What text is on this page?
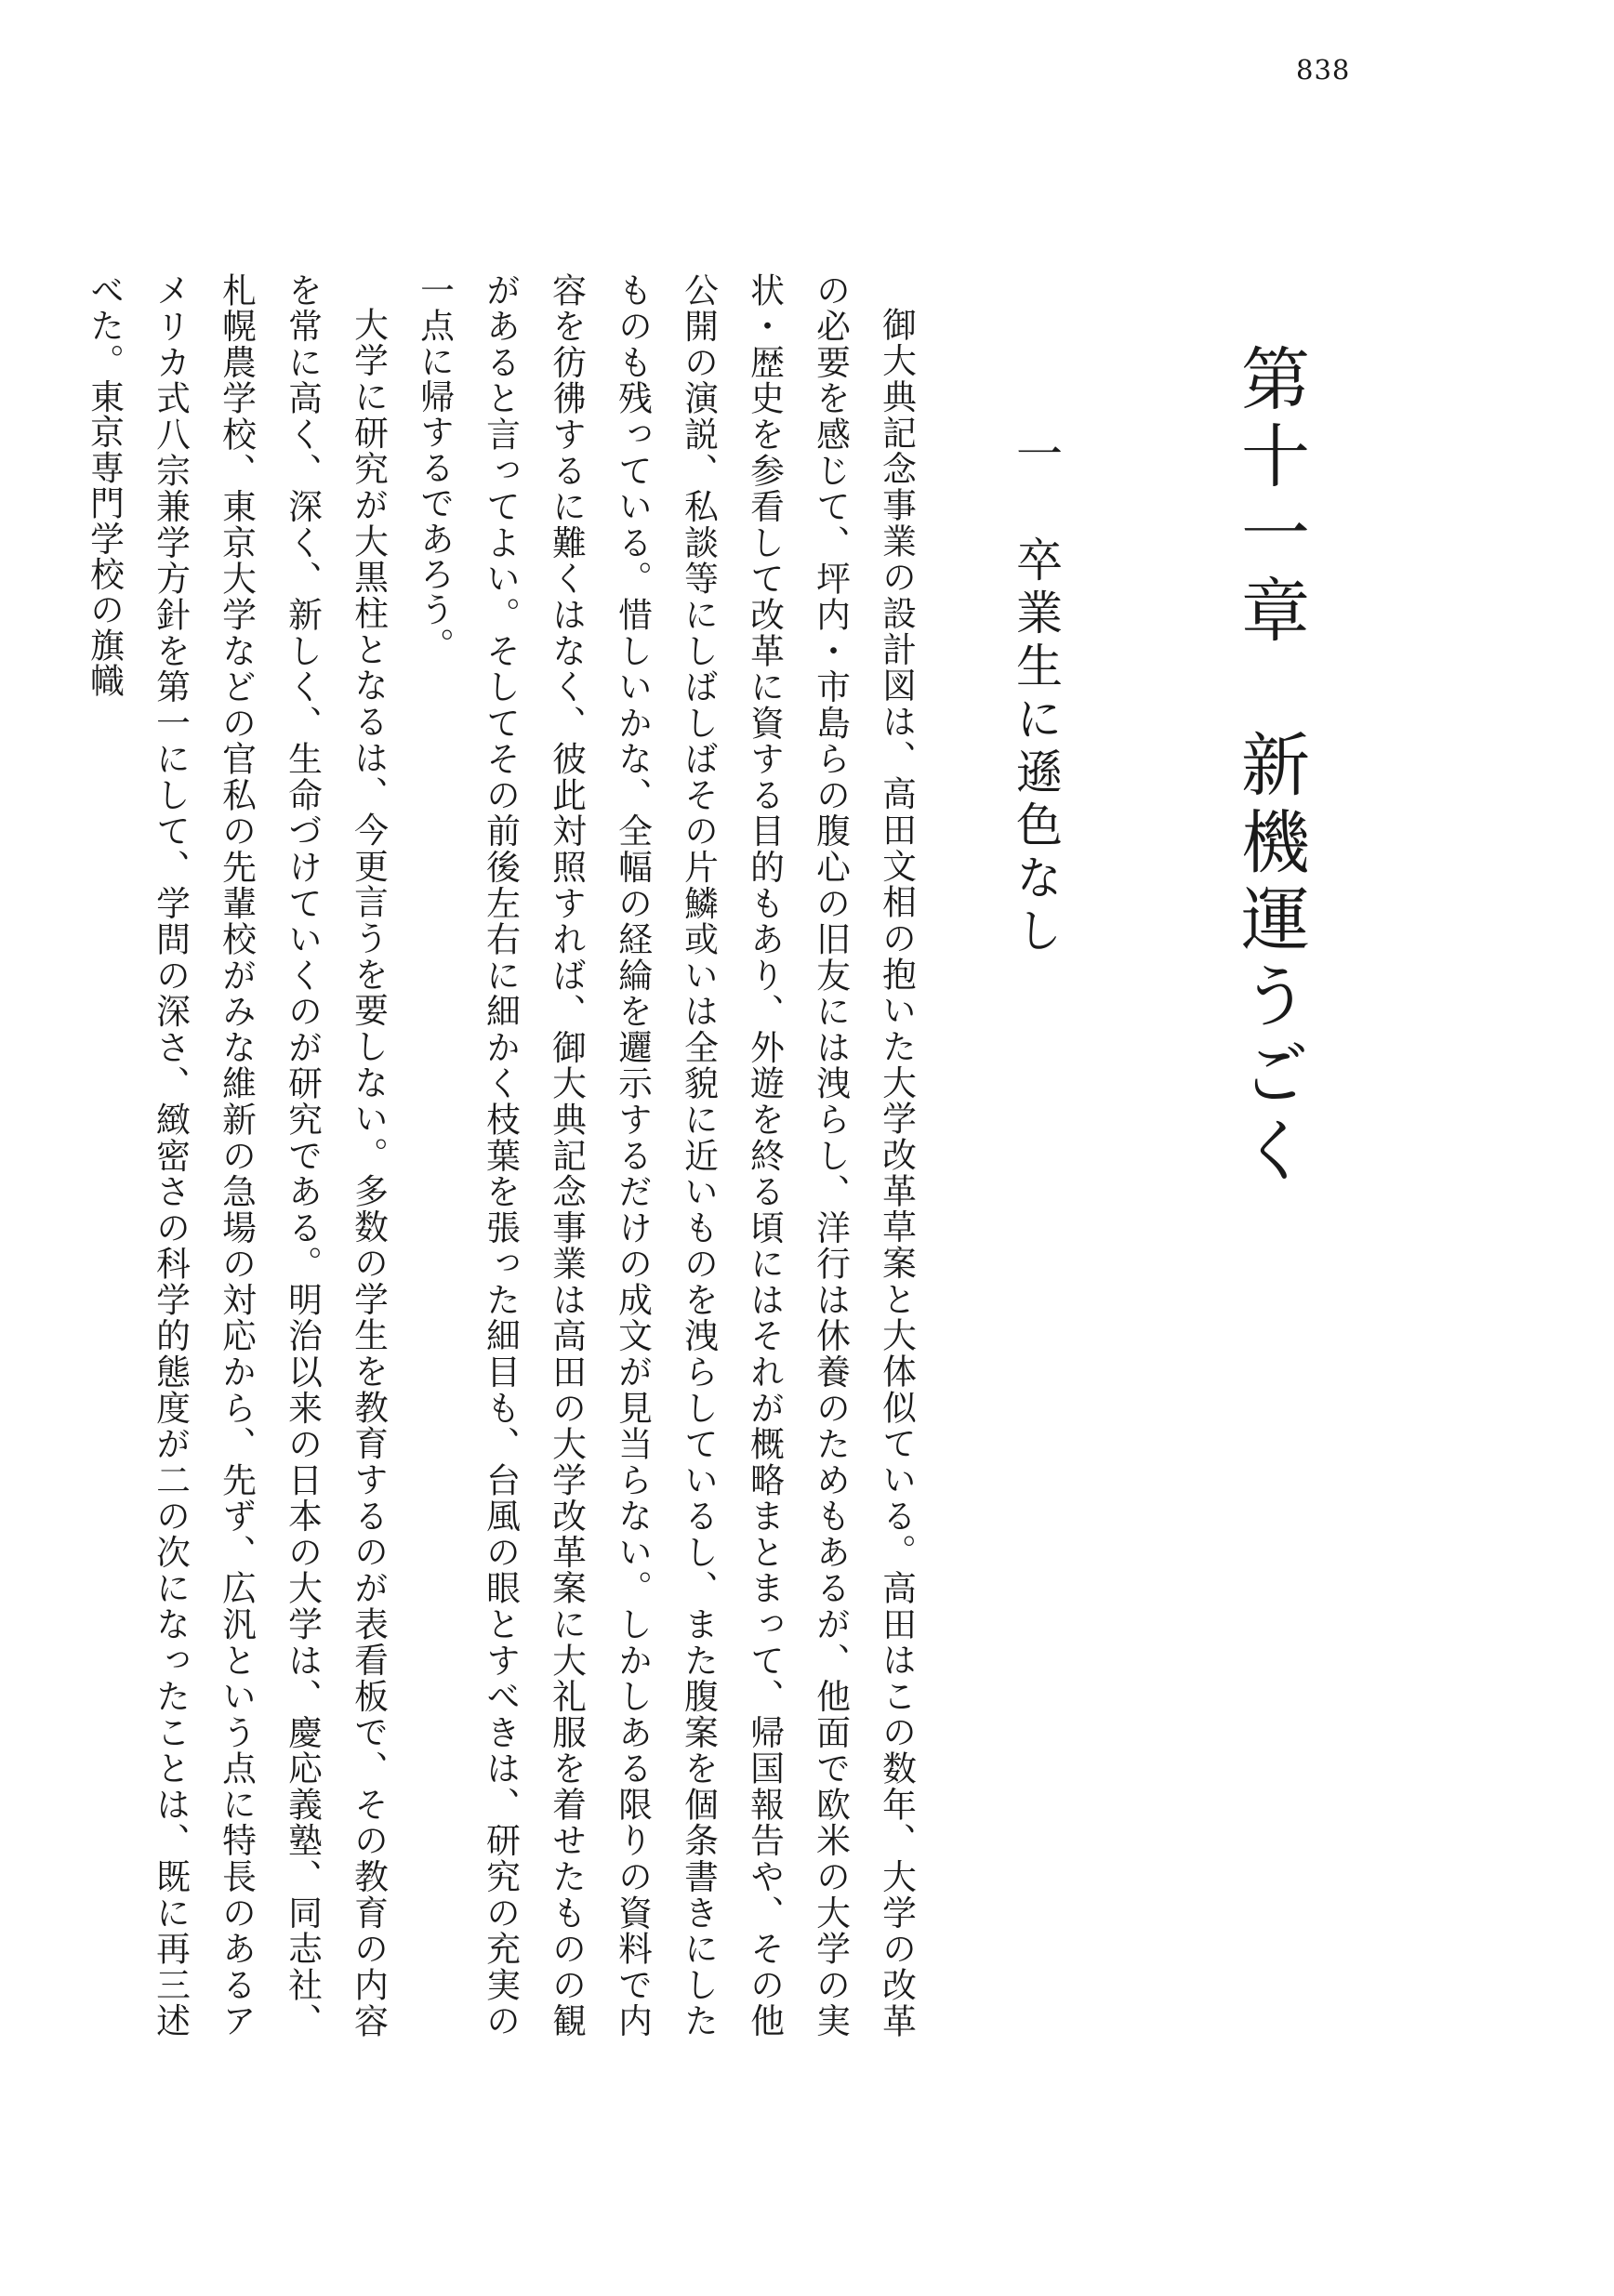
838
第十一章　新機運うごく
一　卒業生に遜色なし

御大典記念事業の設計図は、高田文相の抱いた大学改革草案と大体似ている。高田はこの数年、大学の改革の必要を感じて、坪内・市島らの腹心の旧友には洩らし、洋行は休養のためもあるが、他面で欧米の大学の実状・歴史を参看して改革に資する目的もあり、外遊を終る頃にはそれが概略まとまって、帰国報告や、その他公開の演説、私談等にしばしばその片鱗或いは全貌に近いものを洩らしているし、また腹案を個条書きにしたものも残っている。惜しいかな、全幅の経綸を邐示するだけの成文が見当らない。しかしある限りの資料で内容を彷彿するに難くはなく、彼此対照すれば、御大典記念事業は高田の大学改革案に大礼服を着せたものの観があると言ってよい。そしてその前後左右に細かく枝葉を張った細目も、台風の眼とすべきは、研究の充実の一点に帰するであろう。

大学に研究が大黒柱となるは、今更言うを要しない。多数の学生を教育するのが表看板で、その教育の内容を常に高く、深く、新しく、生命づけていくのが研究である。明治以来の日本の大学は、慶応義塾、同志社、札幌農学校、東京大学などの官私の先輩校がみな維新の急場の対応から、先ず、広汎という点に特長のあるアメリカ式八宗兼学方針を第一にして、学問の深さ、緻密さの科学的態度が二の次になったことは、既に再三述べた。東京専門学校の旗幟
